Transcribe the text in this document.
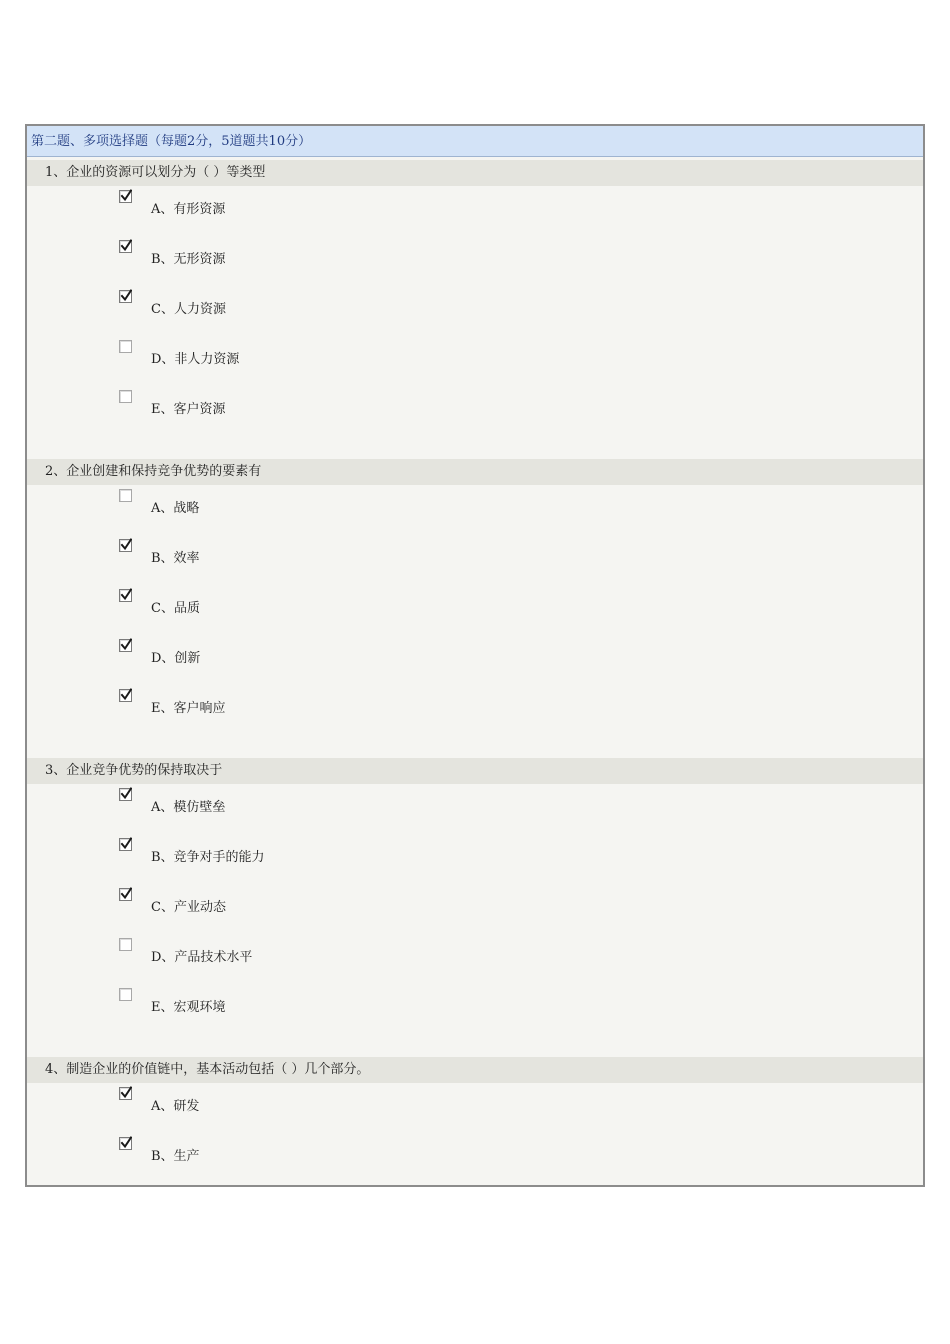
第二题、多项选择题（每题2分，5道题共10分）
1、企业的资源可以划分为（ ）等类型
A、有形资源
B、无形资源
C、人力资源
D、非人力资源
E、客户资源
2、企业创建和保持竞争优势的要素有
A、战略
B、效率
C、品质
D、创新
E、客户响应
3、企业竞争优势的保持取决于
A、模仿壁垒
B、竞争对手的能力
C、产业动态
D、产品技术水平
E、宏观环境
4、制造企业的价值链中，基本活动包括（ ）几个部分。
A、研发
B、生产
